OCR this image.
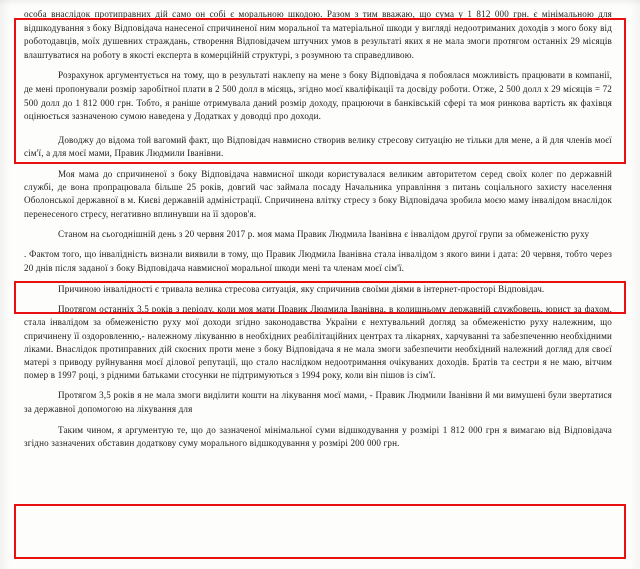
особа внаслідок протиправних дій само он собі є моральною шкодою. Разом з тим вважаю, що сума у 1 812 000 грн. є мінімальною для відшкодування з боку Відповідача нанесеної спричиненої ним моральної та матеріальної шкоди у вигляді недоотриманих доходів з мого боку від роботодавців, моїх душевних страждань, створення Відповідачем штучних умов в результаті яких я не мала змоги протягом останніх 29 місяців влаштуватися на роботу в якості експерта в комерційній структурі, з розумною та справедливою.

Розрахунок аргументується на тому, що в результаті наклепу на мене з боку Відповідача я побоялася можливість працювати в компанії, де мені пропонували розмір заробітної плати в 2 500 долл в місяць, згідно моєї кваліфікації та досвіду роботи. Отже, 2 500 долл х 29 місяців = 72 500 долл до 1 812 000 грн. Тобто, я раніше отримувала даний розмір доходу, працюючи в банківській сфері та моя ринкова вартість як фахівця оцінюється зазначеною сумою наведена у Додатках у доводці про доходи.

Доводжу до відома той вагомий факт, що Відповідач навмисно створив велику стресову ситуацію не тільки для мене, а й для членів моєї сім'ї, а для моєї мами, Правик Людмили Іванівни.

Моя мама до спричиненої з боку Відповідача навмисної шкоди користувалася великим авторитетом серед своїх колег по державній службі, де вона пропрацювала більше 25 років, довгий час займала посаду Начальника управління з питань соціального захисту населення Оболонської державної в м. Києві державній адміністрації. Спричинена влітку стресу з боку Відповідача зробила моєю маму інвалідом внаслідок перенесеного стресу, негативно вплинувши на її здоров'я.

Станом на сьогоднішній день з 20 червня 2017 р. моя мама Правик Людмила Іванівна є інвалідом другої групи за обмеженістю руху

. Фактом того, що інвалідність визнали виявили в тому, що Правик Людмила Іванівна стала інвалідом з якого вини і дата: 20 червня, тобто через 20 днів після заданої з боку Відповідача навмисної моральної шкоди мені та членам моєї сім'ї.

Причиною інвалідності є тривала велика стресова ситуація, яку спричинив своїми діями в інтернет-просторі Відповідач.

Протягом останніх 3,5 років з періоду, коли моя мати Правик Людмила Іванівна, в колишньому державній службовець, юрист за фахом, стала інвалідом за обмеженістю руху мої доходи згідно законодавства України є нехтувальний догляд за обмеженістю руху належним, що спричинену її оздоровленню,- належному лікуванню в необхідних реабілітаційних центрах та лікарнях, харчуванні та забезпеченню необхідними ліками. Внаслідок протиправних дій скоєних проти мене з боку Відповідача я не мала змоги забезпечити необхідний належний догляд для своєї матері з приводу руйнування моєї ділової репутації, що стало наслідком недоотримання очікуваних доходів. Братів та сестри я не маю, вітчим помер в 1997 році, з рідними батьками стосунки не підтримуються з 1994 року, коли він пішов із сім'ї.

Протягом 3,5 років я не мала змоги виділити кошти на лікування моєї мами, - Правик Людмили Іванівни й ми вимушені були звертатися за державної допомогою на лікування для

Таким чином, я аргументую те, що до зазначеної мінімальної суми відшкодування у розмірі 1 812 000 грн я вимагаю від Відповідача згідно зазначених обставин додаткову суму морального відшкодування у розмірі 200 000 грн.
